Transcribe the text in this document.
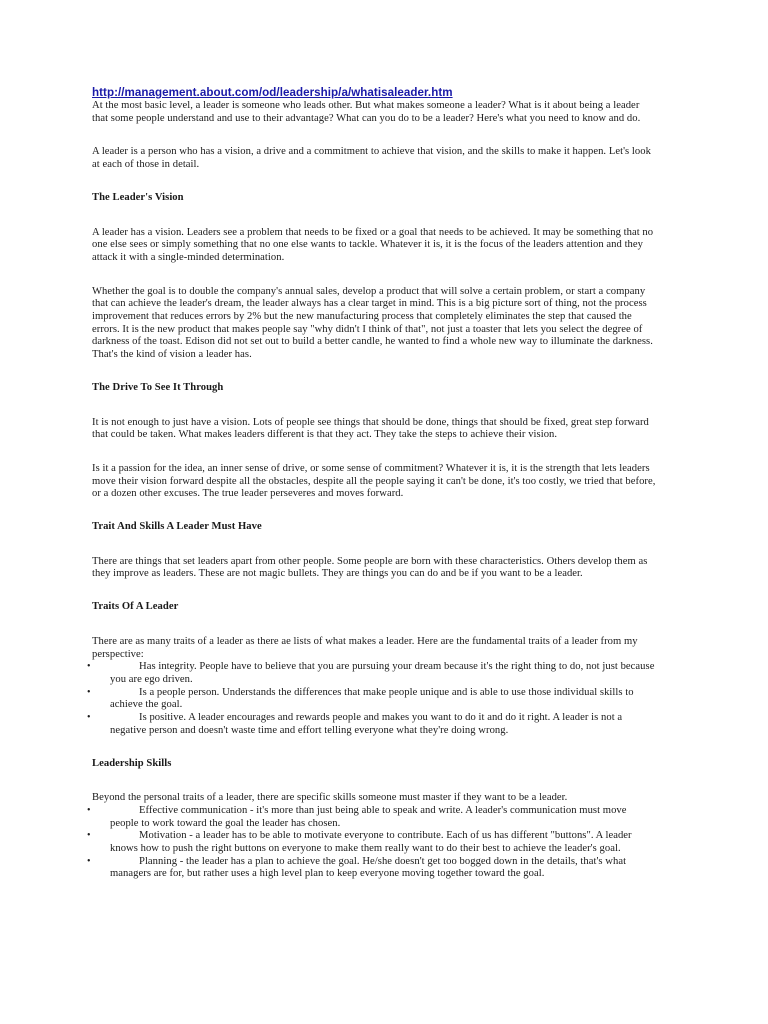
http://management.about.com/od/leadership/a/whatisaleader.htm

At the most basic level, a leader is someone who leads other. But what makes someone a leader? What is it about being a leader that some people understand and use to their advantage? What can you do to be a leader? Here's what you need to know and do.

A leader is a person who has a vision, a drive and a commitment to achieve that vision, and the skills to make it happen. Let's look at each of those in detail.

The Leader's Vision

A leader has a vision. Leaders see a problem that needs to be fixed or a goal that needs to be achieved. It may be something that no one else sees or simply something that no one else wants to tackle. Whatever it is, it is the focus of the leaders attention and they attack it with a single-minded determination.

Whether the goal is to double the company's annual sales, develop a product that will solve a certain problem, or start a company that can achieve the leader's dream, the leader always has a clear target in mind. This is a big picture sort of thing, not the process improvement that reduces errors by 2% but the new manufacturing process that completely eliminates the step that caused the errors. It is the new product that makes people say "why didn't I think of that", not just a toaster that lets you select the degree of darkness of the toast. Edison did not set out to build a better candle, he wanted to find a whole new way to illuminate the darkness. That's the kind of vision a leader has.

The Drive To See It Through

It is not enough to just have a vision. Lots of people see things that should be done, things that should be fixed, great step forward that could be taken. What makes leaders different is that they act. They take the steps to achieve their vision.

Is it a passion for the idea, an inner sense of drive, or some sense of commitment? Whatever it is, it is the strength that lets leaders move their vision forward despite all the obstacles, despite all the people saying it can't be done, it's too costly, we tried that before, or a dozen other excuses. The true leader perseveres and moves forward.

Trait And Skills A Leader Must Have

There are things that set leaders apart from other people. Some people are born with these characteristics. Others develop them as they improve as leaders. These are not magic bullets. They are things you can do and be if you want to be a leader.

Traits Of A Leader

There are as many traits of a leader as there ae lists of what makes a leader. Here are the fundamental traits of a leader from my perspective:

•	Has integrity. People have to believe that you are pursuing your dream because it's the right thing to do, not just because you are ego driven.
•	Is a people person. Understands the differences that make people unique and is able to use those individual skills to achieve the goal.
•	Is positive. A leader encourages and rewards people and makes you want to do it and do it right. A leader is not a negative person and doesn't waste time and effort telling everyone what they're doing wrong.
Leadership Skills

Beyond the personal traits of a leader, there are specific skills someone must master if they want to be a leader.

•	Effective communication - it's more than just being able to speak and write. A leader's communication must move people to work toward the goal the leader has chosen.
•	Motivation - a leader has to be able to motivate everyone to contribute. Each of us has different "buttons". A leader knows how to push the right buttons on everyone to make them really want to do their best to achieve the leader's goal.
•	Planning - the leader has a plan to achieve the goal. He/she doesn't get too bogged down in the details, that's what managers are for, but rather uses a high level plan to keep everyone moving together toward the goal.
